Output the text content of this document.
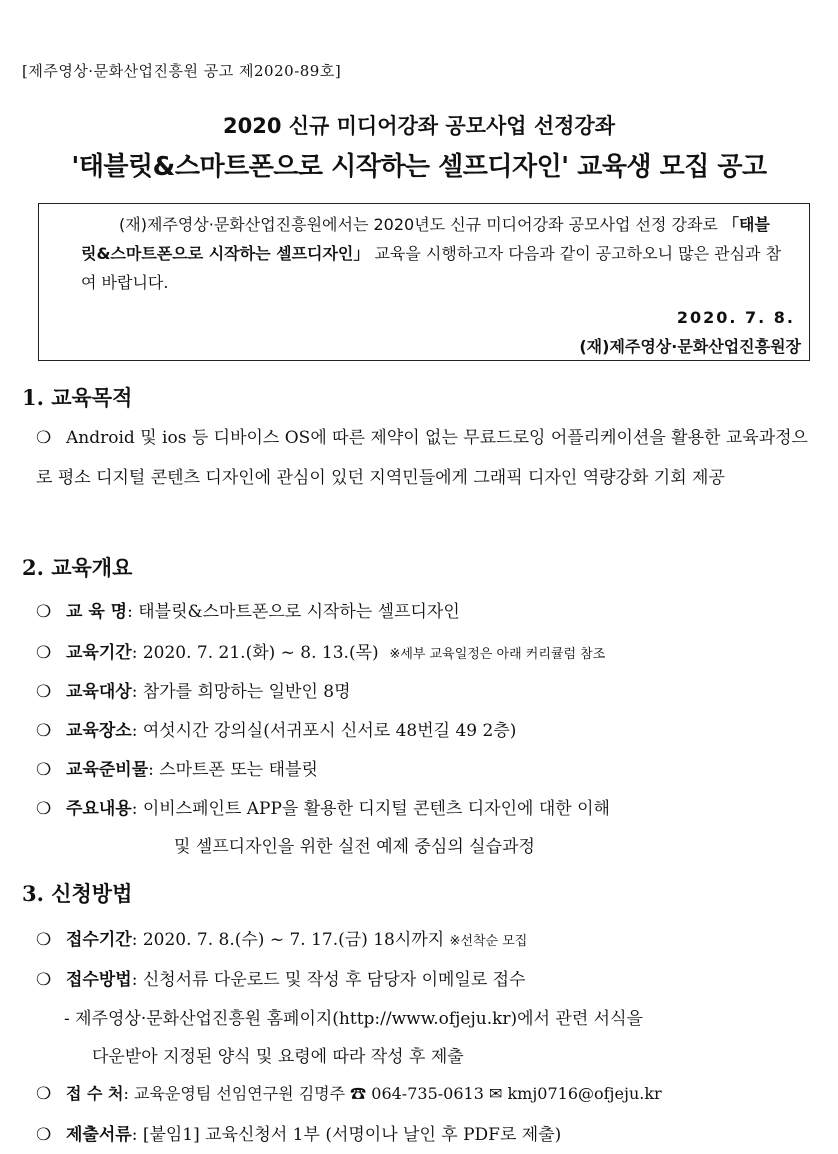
[제주영상·문화산업진흥원 공고 제2020-89호]
2020 신규 미디어강좌 공모사업 선정강좌
'태블릿&스마트폰으로 시작하는 셀프디자인' 교육생 모집 공고
(재)제주영상·문화산업진흥원에서는 2020년도 신규 미디어강좌 공모사업 선정 강좌로 「태블릿&스마트폰으로 시작하는 셀프디자인」 교육을 시행하고자 다음과 같이 공고하오니 많은 관심과 참여 바랍니다.
2020. 7. 8.
(재)제주영상·문화산업진흥원장
1. 교육목적
❍ Android 및 ios 등 디바이스 OS에 따른 제약이 없는 무료드로잉 어플리케이션을 활용한 교육과정으로 평소 디지털 콘텐츠 디자인에 관심이 있던 지역민들에게 그래픽 디자인 역량강화 기회 제공
2. 교육개요
❍ 교 육 명: 태블릿&스마트폰으로 시작하는 셀프디자인
❍ 교육기간: 2020. 7. 21.(화) ~ 8. 13.(목) ※세부 교육일정은 아래 커리큘럼 참조
❍ 교육대상: 참가를 희망하는 일반인 8명
❍ 교육장소: 여섯시간 강의실(서귀포시 신서로 48번길 49 2층)
❍ 교육준비물: 스마트폰 또는 태블릿
❍ 주요내용: 이비스페인트 APP을 활용한 디지털 콘텐츠 디자인에 대한 이해
및 셀프디자인을 위한 실전 예제 중심의 실습과정
3. 신청방법
❍ 접수기간: 2020. 7. 8.(수) ~ 7. 17.(금) 18시까지 ※선착순 모집
❍ 접수방법: 신청서류 다운로드 및 작성 후 담당자 이메일로 접수
- 제주영상·문화산업진흥원 홈페이지(http://www.ofjeju.kr)에서 관련 서식을
다운받아 지정된 양식 및 요령에 따라 작성 후 제출
❍ 접 수 처: 교육운영팀 선임연구원 김명주 ☎ 064-735-0613 ✉ kmj0716@ofjeju.kr
❍ 제출서류: [붙임1] 교육신청서 1부 (서명이나 날인 후 PDF로 제출)
